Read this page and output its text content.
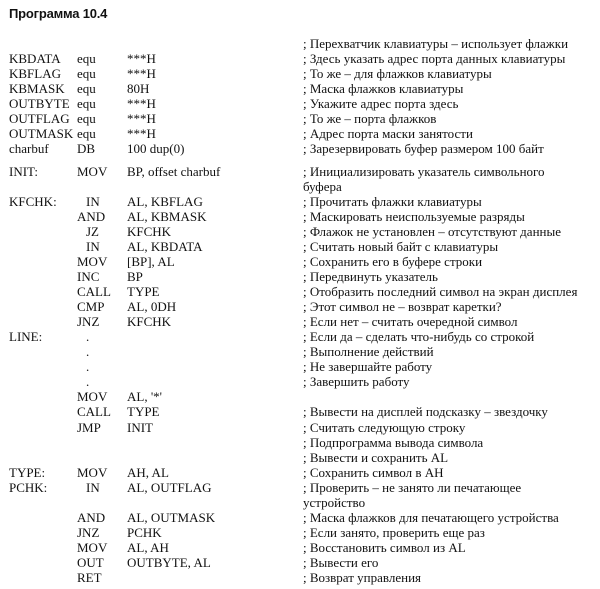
Программа 10.4
; Перехватчик клавиатуры – использует флажки
KBDATA equ ***H	; Здесь указать адрес порта данных клавиатуры
KBFLAG equ ***H	; То же – для флажков клавиатуры
KBMASK equ 80H	; Маска флажков клавиатуры
OUTBYTE equ ***H	; Укажите адрес порта здесь
OUTFLAG equ ***H	; То же – порта флажков
OUTMASK equ ***H	; Адрес порта маски занятости
charbuf DB 100 dup(0)	; Зарезервировать буфер размером 100 байт
INIT:	MOV BP, offset charbuf	; Инициализировать указатель символьного
буфера
KFCHK: IN AL, KBFLAG	; Прочитать флажки клавиатуры
AND AL, KBMASK	; Маскировать неиспользуемые разряды
JZ KFCHK	; Флажок не установлен – отсутствуют данные
IN AL, KBDATA	; Считать новый байт с клавиатуры
MOV [BP], AL	; Сохранить его в буфере строки
INC BP	; Передвинуть указатель
CALL TYPE	; Отобразить последний символ на экран дисплея
CMP AL, 0DH	; Этот символ не – возврат каретки?
JNZ KFCHK	; Если нет – считать очередной символ
LINE:	.	; Если да – сделать что-нибудь со строкой
.	; Выполнение действий
.	; Не завершайте работу
.	; Завершить работу
MOV AL, '*'
CALL TYPE	; Вывести на дисплей подсказку – звездочку
JMP INIT	; Считать следующую строку
; Подпрограмма вывода символа
; Вывести и сохранить AL
TYPE: MOV AH, AL	; Сохранить символ в AH
PCHK:	IN AL, OUTFLAG	; Проверить – не занято ли печатающее
устройство
AND AL, OUTMASK	; Маска флажков для печатающего устройства
JNZ PCHK	; Если занято, проверить еще раз
MOV AL, AH	; Восстановить символ из AL
OUT OUTBYTE, AL	; Вывести его
RET	; Возврат управления
